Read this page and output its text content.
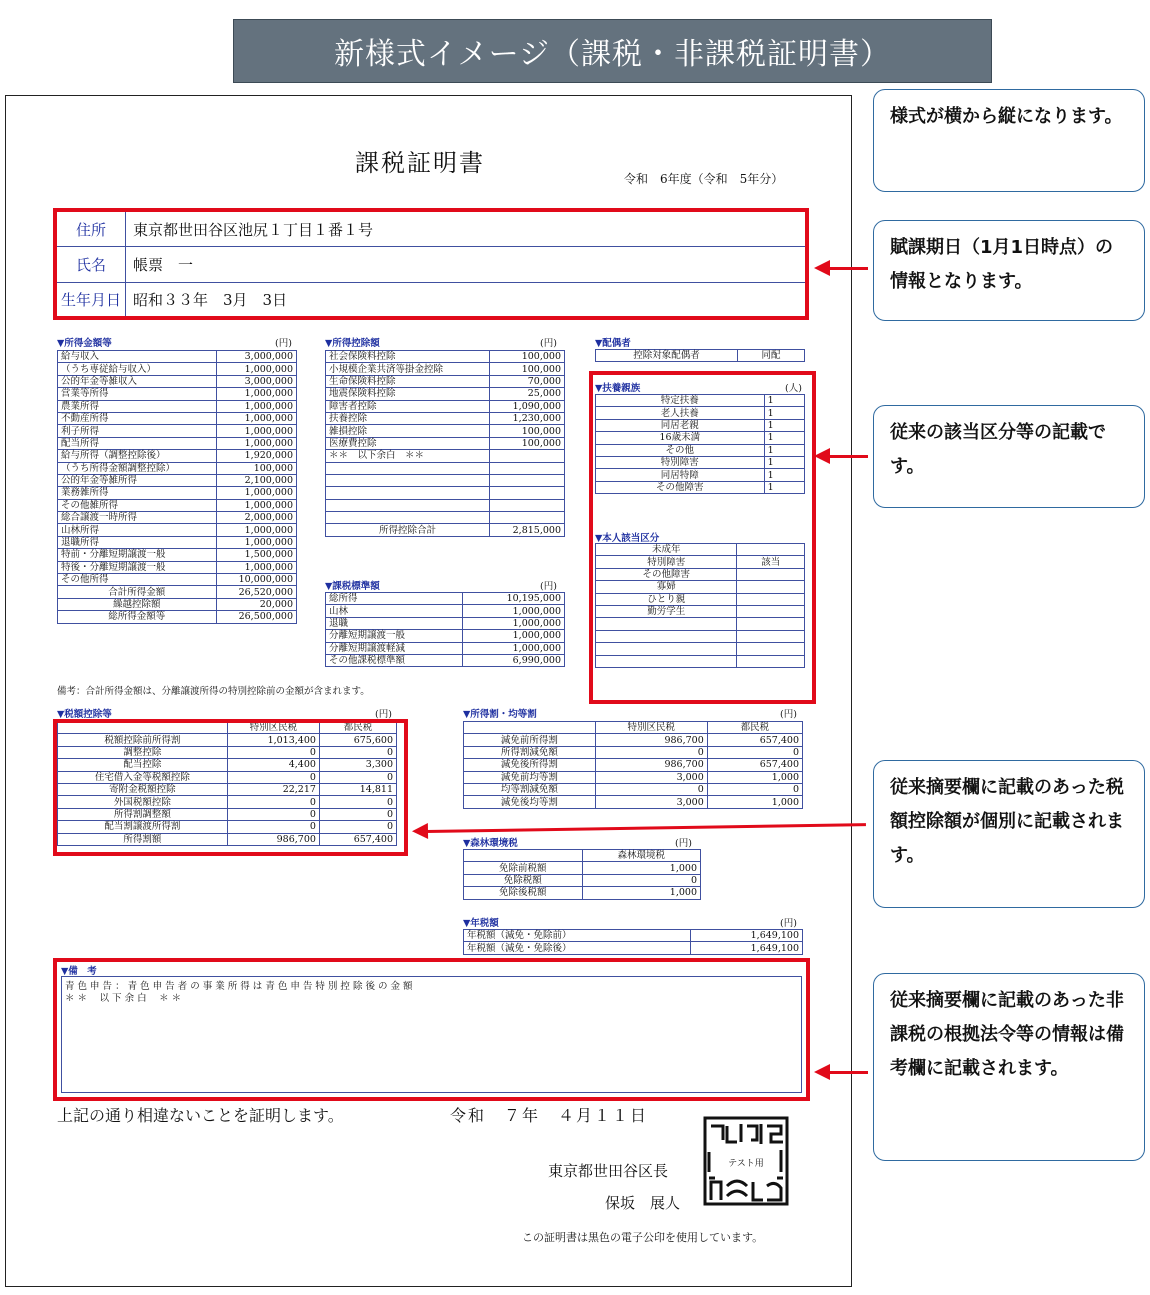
新様式イメージ（課税・非課税証明書）
課税証明書
令和　6年度（令和　5年分）
住所	東京都世田谷区池尻１丁目１番１号
氏名	帳票　一
生年月日 昭和３３年　3月　3日
▼所得金額等	(円)
給与収入	3,000,000
（うち専従給与収入）	1,000,000
公的年金等雑収入	3,000,000
営業等所得	1,000,000
農業所得	1,000,000
不動産所得	1,000,000
利子所得	1,000,000
配当所得	1,000,000
給与所得（調整控除後）	1,920,000
（うち所得金額調整控除）	100,000
公的年金等雑所得	2,100,000
業務雑所得	1,000,000
その他雑所得	1,000,000
総合譲渡一時所得	2,000,000
山林所得	1,000,000
退職所得	1,000,000
特前・分離短期譲渡一般	1,500,000
特後・分離短期譲渡一般	1,000,000
その他所得	10,000,000
合計所得金額	26,520,000
繰越控除額	20,000
総所得金額等	26,500,000
備考：合計所得金額は、分離譲渡所得の特別控除前の金額が含まれます。
▼所得控除額	(円)
社会保険料控除	100,000
小規模企業共済等掛金控除	100,000
生命保険料控除	70,000
地震保険料控除	25,000
障害者控除	1,090,000
扶養控除	1,230,000
雑損控除	100,000
医療費控除	100,000
＊＊　以下余白　＊＊	

所得控除合計	2,815,000
▼課税標準額	(円)
総所得	10,195,000
山林	1,000,000
退職	1,000,000
分離短期譲渡一般	1,000,000
分離短期譲渡軽減	1,000,000
その他課税標準額	6,990,000
▼配偶者
控除対象配偶者	同配
▼扶養親族	(人)
特定扶養	1
老人扶養	1
同居老親	1
16歳未満	1
その他	1
特別障害	1
同居特障	1
その他障害	1
▼本人該当区分
未成年	
特別障害	該当
その他障害	
寡婦	
ひとり親	
勤労学生	

▼税額控除等	(円)
	特別区民税	都民税
税額控除前所得割	1,013,400	675,600
調整控除	0	0
配当控除	4,400	3,300
住宅借入金等税額控除	0	0
寄附金税額控除	22,217	14,811
外国税額控除	0	0
所得割調整額	0	0
配当割譲渡所得割	0	0
所得割額	986,700	657,400
▼所得割・均等割	(円)
	特別区民税	都民税
減免前所得割	986,700	657,400
所得割減免額	0	0
減免後所得割	986,700	657,400
減免前均等割	3,000	1,000
均等割減免額	0	0
減免後均等割	3,000	1,000
▼森林環境税	(円)
	森林環境税
免除前税額	1,000
免除税額	0
免除後税額	1,000
▼年税額	(円)
年税額（減免・免除前）	1,649,100
年税額（減免・免除後）	1,649,100
▼備　考
青 色 申 告 ： 青 色 申 告 者 の 事 業 所 得 は 青 色 申 告 特 別 控 除 後 の 金 額
＊ ＊　 以 下 余 白　 ＊ ＊
上記の通り相違ないことを証明します。	令和　７年　４月１１日
東京都世田谷区長
保坂　展人
テスト用
この証明書は黒色の電子公印を使用しています。
様式が横から縦になります。
賦課期日（1月1日時点）の情報となります。
従来の該当区分等の記載です。
従来摘要欄に記載のあった税額控除額が個別に記載されます。
従来摘要欄に記載のあった非課税の根拠法令等の情報は備考欄に記載されます。
